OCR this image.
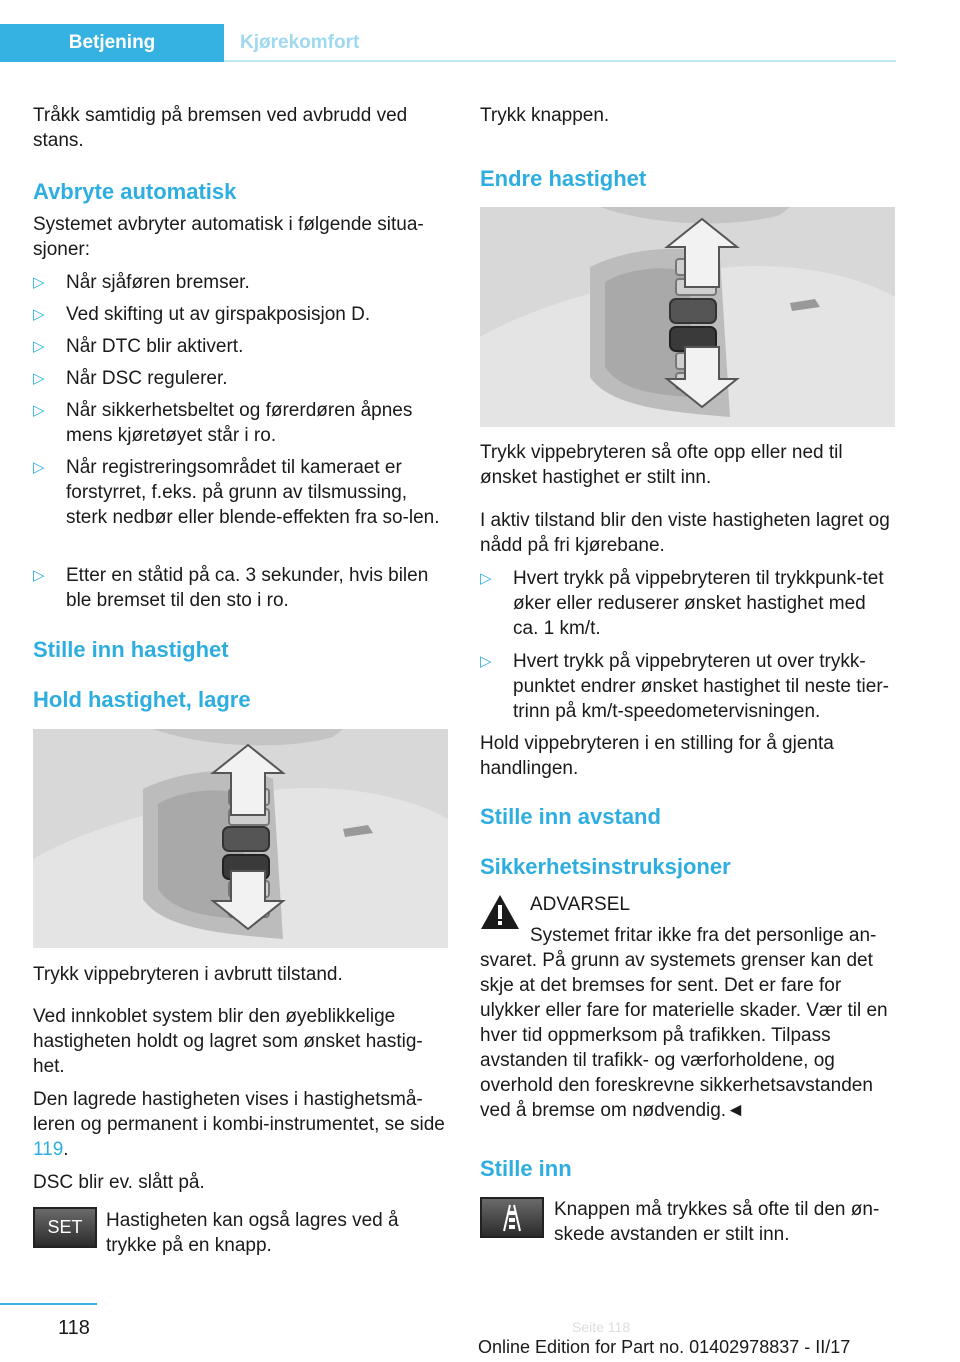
Betjening	Kjørekomfort

Tråkk samtidig på bremsen ved avbrudd ved stans.

Avbryte automatisk

Systemet avbryter automatisk i følgende situa‐sjoner:

▷	Når sjåføren bremser.
▷	Ved skifting ut av girspakposisjon D.
▷	Når DTC blir aktivert.
▷	Når DSC regulerer.
▷	Når sikkerhetsbeltet og førerdøren åpnes mens kjøretøyet står i ro.
▷	Når registreringsområdet til kameraet er forstyrret, f.eks. på grunn av tilsmussing, sterk nedbør eller blende-effekten fra so‐len.
▷	Etter en ståtid på ca. 3 sekunder, hvis bilen ble bremset til den sto i ro.
Stille inn hastighet
Hold hastighet, lagre

Trykk vippebryteren i avbrutt tilstand.

Ved innkoblet system blir den øyeblikkelige hastigheten holdt og lagret som ønsket hastig‐het.

Den lagrede hastigheten vises i hastighetsmå‐leren og permanent i kombi-instrumentet, se side 119.

DSC blir ev. slått på.

SET	Hastigheten kan også lagres ved å trykke på en knapp.

Trykk knappen.

Endre hastighet

Trykk vippebryteren så ofte opp eller ned til ønsket hastighet er stilt inn.

I aktiv tilstand blir den viste hastigheten lagret og nådd på fri kjørebane.

▷	Hvert trykk på vippebryteren til trykkpunk‐tet øker eller reduserer ønsket hastighet med ca. 1 km/t.
▷	Hvert trykk på vippebryteren ut over trykk‐punktet endrer ønsket hastighet til neste tier-trinn på km/t-speedometervisningen.

Hold vippebryteren i en stilling for å gjenta handlingen.

Stille inn avstand
Sikkerhetsinstruksjoner
ADVARSEL
Systemet fritar ikke fra det personlige an‐

svaret. På grunn av systemets grenser kan det skje at det bremses for sent. Det er fare for ulykker eller fare for materielle skader. Vær til en hver tid oppmerksom på trafikken. Tilpass avstanden til trafikk- og værforholdene, og overhold den foreskrevne sikkerhetsavstanden ved å bremse om nødvendig.◄

Stille inn

Knappen må trykkes så ofte til den øn‐skede avstanden er stilt inn.

118
Online Edition for Part no. 01402978837 - II/17
Seite 118
